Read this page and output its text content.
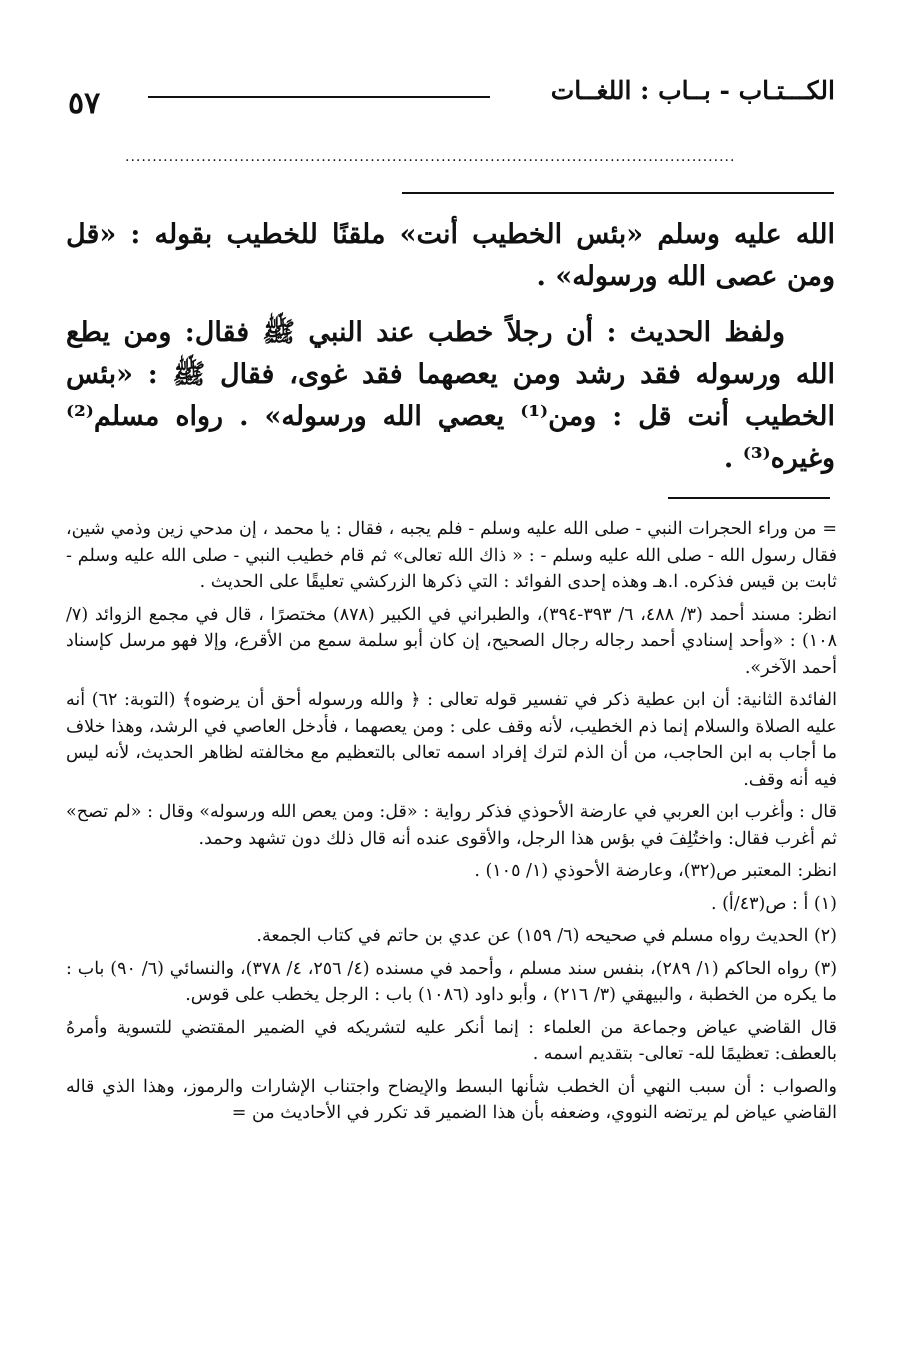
٥٧	الكـــتـاب - بــاب : اللغــات
................................................................................................................

الله عليه وسلم «بئس الخطيب أنت» ملقنًا للخطيب بقوله : «قل ومن عصى الله ورسوله» .

ولفظ الحديث : أن رجلاً خطب عند النبي ﷺ فقال: ومن يطع الله ورسوله فقد رشد ومن يعصهما فقد غوى، فقال ﷺ : «بئس الخطيب أنت قل : ومن⁽¹⁾ يعصي الله ورسوله» . رواه مسلم⁽²⁾ وغيره⁽³⁾ .

= من وراء الحجرات النبي - صلى الله عليه وسلم - فلم يجبه ، فقال : يا محمد ، إن مدحي زين وذمي شين، فقال رسول الله - صلى الله عليه وسلم - : « ذاك الله تعالى» ثم قام خطيب النبي - صلى الله عليه وسلم - ثابت بن قيس فذكره. ا.هـ وهذه إحدى الفوائد : التي ذكرها الزركشي تعليقًا على الحديث .

انظر: مسند أحمد (٣/ ٤٨٨، ٦/ ٣٩٣-٣٩٤)، والطبراني في الكبير (٨٧٨) مختصرًا ، قال في مجمع الزوائد (٧/ ١٠٨) : «وأحد إسنادي أحمد رجاله رجال الصحيح، إن كان أبو سلمة سمع من الأقرع، وإلا فهو مرسل كإسناد أحمد الآخر».

الفائدة الثانية: أن ابن عطية ذكر في تفسير قوله تعالى : ﴿ والله ورسوله أحق أن يرضوه﴾ (التوبة: ٦٢) أنه عليه الصلاة والسلام إنما ذم الخطيب، لأنه وقف على : ومن يعصهما ، فأدخل العاصي في الرشد، وهذا خلاف ما أجاب به ابن الحاجب، من أن الذم لترك إفراد اسمه تعالى بالتعظيم مع مخالفته لظاهر الحديث، لأنه ليس فيه أنه وقف.

قال : وأغرب ابن العربي في عارضة الأحوذي فذكر رواية : «قل: ومن يعص الله ورسوله» وقال : «لم تصح» ثم أغرب فقال: واختُلِفَ في بؤس هذا الرجل، والأقوى عنده أنه قال ذلك دون تشهد وحمد.

انظر: المعتبر ص(٣٢)، وعارضة الأحوذي (١/ ١٠٥) .

(١) أ : ص(٤٣/أ) .

(٢) الحديث رواه مسلم في صحيحه (٦/ ١٥٩) عن عدي بن حاتم في كتاب الجمعة.

(٣) رواه الحاكم (١/ ٢٨٩)، بنفس سند مسلم ، وأحمد في مسنده (٤/ ٢٥٦، ٤/ ٣٧٨)، والنسائي (٦/ ٩٠) باب : ما يكره من الخطبة ، والبيهقي (٣/ ٢١٦) ، وأبو داود (١٠٨٦) باب : الرجل يخطب على قوس.

قال القاضي عياض وجماعة من العلماء : إنما أنكر عليه لتشريكه في الضمير المقتضي للتسوية وأمرهُ بالعطف: تعظيمًا لله- تعالى- بتقديم اسمه .

والصواب : أن سبب النهي أن الخطب شأنها البسط والإيضاح واجتناب الإشارات والرموز، وهذا الذي قاله القاضي عياض لم يرتضه النووي، وضعفه بأن هذا الضمير قد تكرر في الأحاديث من =
